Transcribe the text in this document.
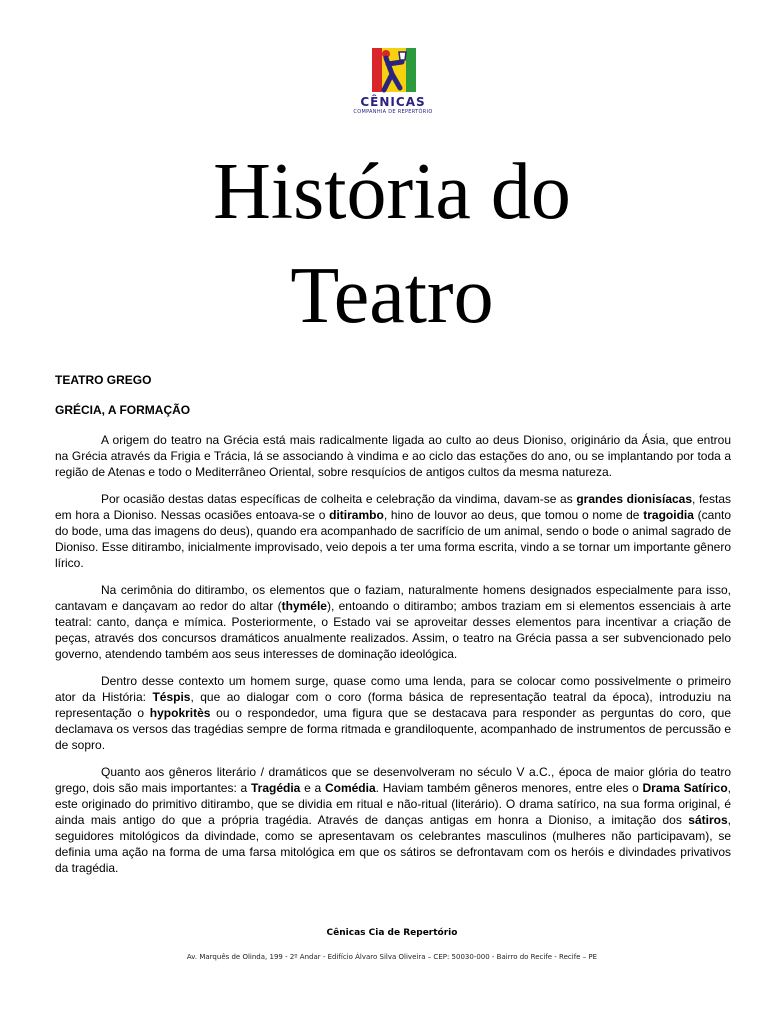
CÊNICAS
COMPANHIA DE REPERTÓRIO
História do
Teatro

TEATRO GREGO

GRÉCIA, A FORMAÇÃO

A origem do teatro na Grécia está mais radicalmente ligada ao culto ao deus Dioniso, originário da Ásia, que entrou na Grécia através da Frigia e Trácia, lá se associando à vindima e ao ciclo das estações do ano, ou se implantando por toda a região de Atenas e todo o Mediterrâneo Oriental, sobre resquícios de antigos cultos da mesma natureza.

Por ocasião destas datas específicas de colheita e celebração da vindima, davam-se as grandes dionisíacas, festas em hora a Dioniso. Nessas ocasiões entoava-se o ditirambo, hino de louvor ao deus, que tomou o nome de tragoidia (canto do bode, uma das imagens do deus), quando era acompanhado de sacrifício de um animal, sendo o bode o animal sagrado de Dioniso. Esse ditirambo, inicialmente improvisado, veio depois a ter uma forma escrita, vindo a se tornar um importante gênero lírico.

Na cerimônia do ditirambo, os elementos que o faziam, naturalmente homens designados especialmente para isso, cantavam e dançavam ao redor do altar (thyméle), entoando o ditirambo; ambos traziam em si elementos essenciais à arte teatral: canto, dança e mímica. Posteriormente, o Estado vai se aproveitar desses elementos para incentivar a criação de peças, através dos concursos dramáticos anualmente realizados. Assim, o teatro na Grécia passa a ser subvencionado pelo governo, atendendo também aos seus interesses de dominação ideológica.

Dentro desse contexto um homem surge, quase como uma lenda, para se colocar como possivelmente o primeiro ator da História: Téspis, que ao dialogar com o coro (forma básica de representação teatral da época), introduziu na representação o hypokritès ou o respondedor, uma figura que se destacava para responder as perguntas do coro, que declamava os versos das tragédias sempre de forma ritmada e grandiloquente, acompanhado de instrumentos de percussão e de sopro.

Quanto aos gêneros literário / dramáticos que se desenvolveram no século V a.C., época de maior glória do teatro grego, dois são mais importantes: a Tragédia e a Comédia. Haviam também gêneros menores, entre eles o Drama Satírico, este originado do primitivo ditirambo, que se dividia em ritual e não-ritual (literário). O drama satírico, na sua forma original, é ainda mais antigo do que a própria tragédia. Através de danças antigas em honra a Dioniso, a imitação dos sátiros, seguidores mitológicos da divindade, como se apresentavam os celebrantes masculinos (mulheres não participavam), se definia uma ação na forma de uma farsa mitológica em que os sátiros se defrontavam com os heróis e divindades privativos da tragédia.

Cênicas Cia de Repertório
Av. Marquês de Olinda, 199 - 2º Andar - Edifício Álvaro Silva Oliveira – CEP: 50030-000 - Bairro do Recife - Recife – PE
